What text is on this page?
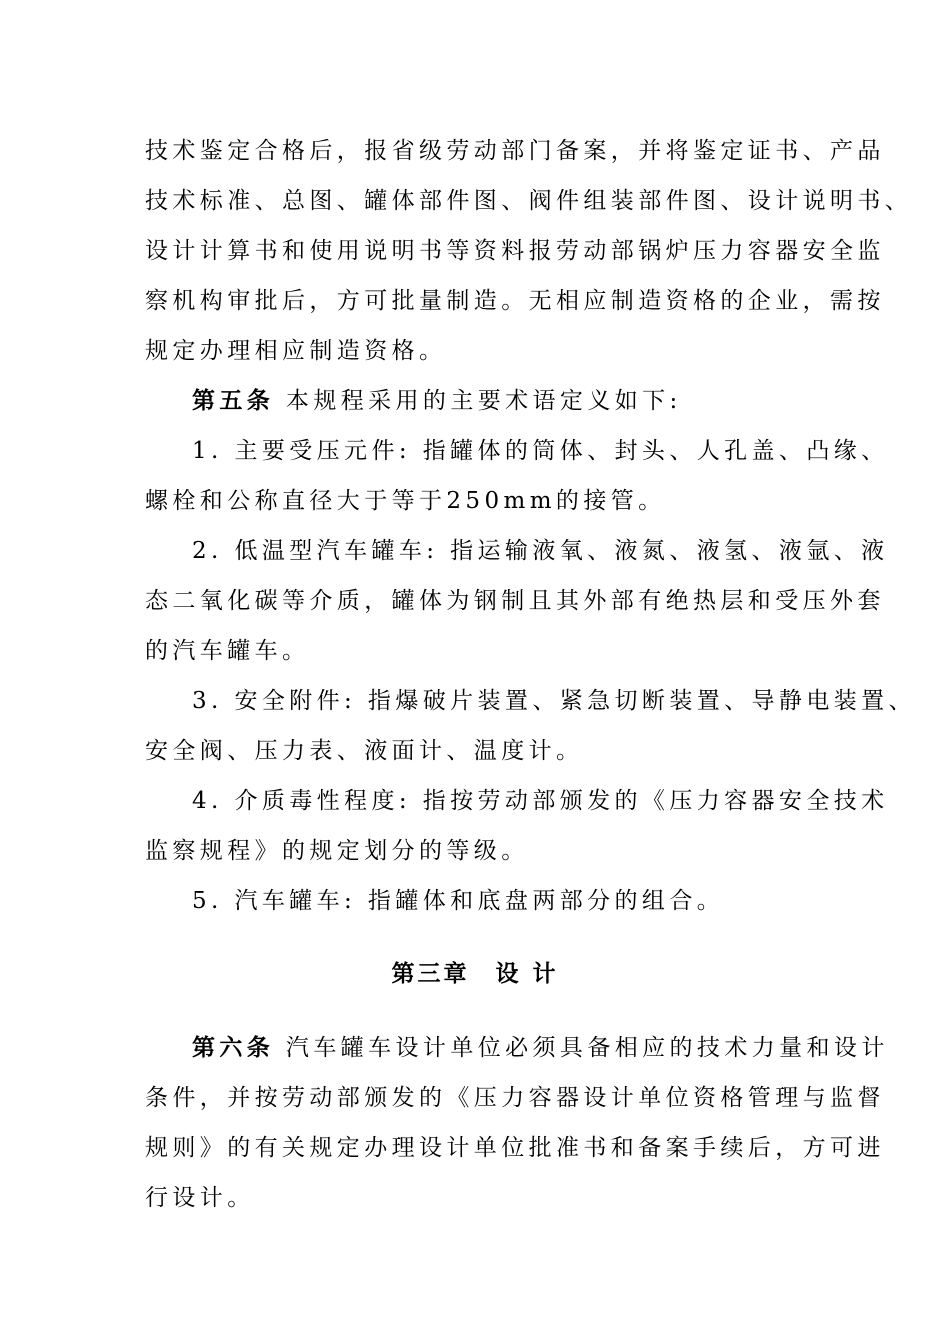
技术鉴定合格后，报省级劳动部门备案，并将鉴定证书、产品

技术标准、总图、罐体部件图、阀件组装部件图、设计说明书、

设计计算书和使用说明书等资料报劳动部锅炉压力容器安全监

察机构审批后，方可批量制造。无相应制造资格的企业，需按

规定办理相应制造资格。

第五条 本规程采用的主要术语定义如下:

1. 主要受压元件: 指罐体的筒体、封头、人孔盖、凸缘、

螺栓和公称直径大于等于250mm的接管。

2. 低温型汽车罐车: 指运输液氧、液氮、液氢、液氩、液

态二氧化碳等介质，罐体为钢制且其外部有绝热层和受压外套

的汽车罐车。

3. 安全附件: 指爆破片装置、紧急切断装置、导静电装置、

安全阀、压力表、液面计、温度计。

4. 介质毒性程度: 指按劳动部颁发的《压力容器安全技术

监察规程》的规定划分的等级。

5. 汽车罐车: 指罐体和底盘两部分的组合。

第三章 设 计

第六条 汽车罐车设计单位必须具备相应的技术力量和设计

条件，并按劳动部颁发的《压力容器设计单位资格管理与监督

规则》的有关规定办理设计单位批准书和备案手续后，方可进

行设计。
